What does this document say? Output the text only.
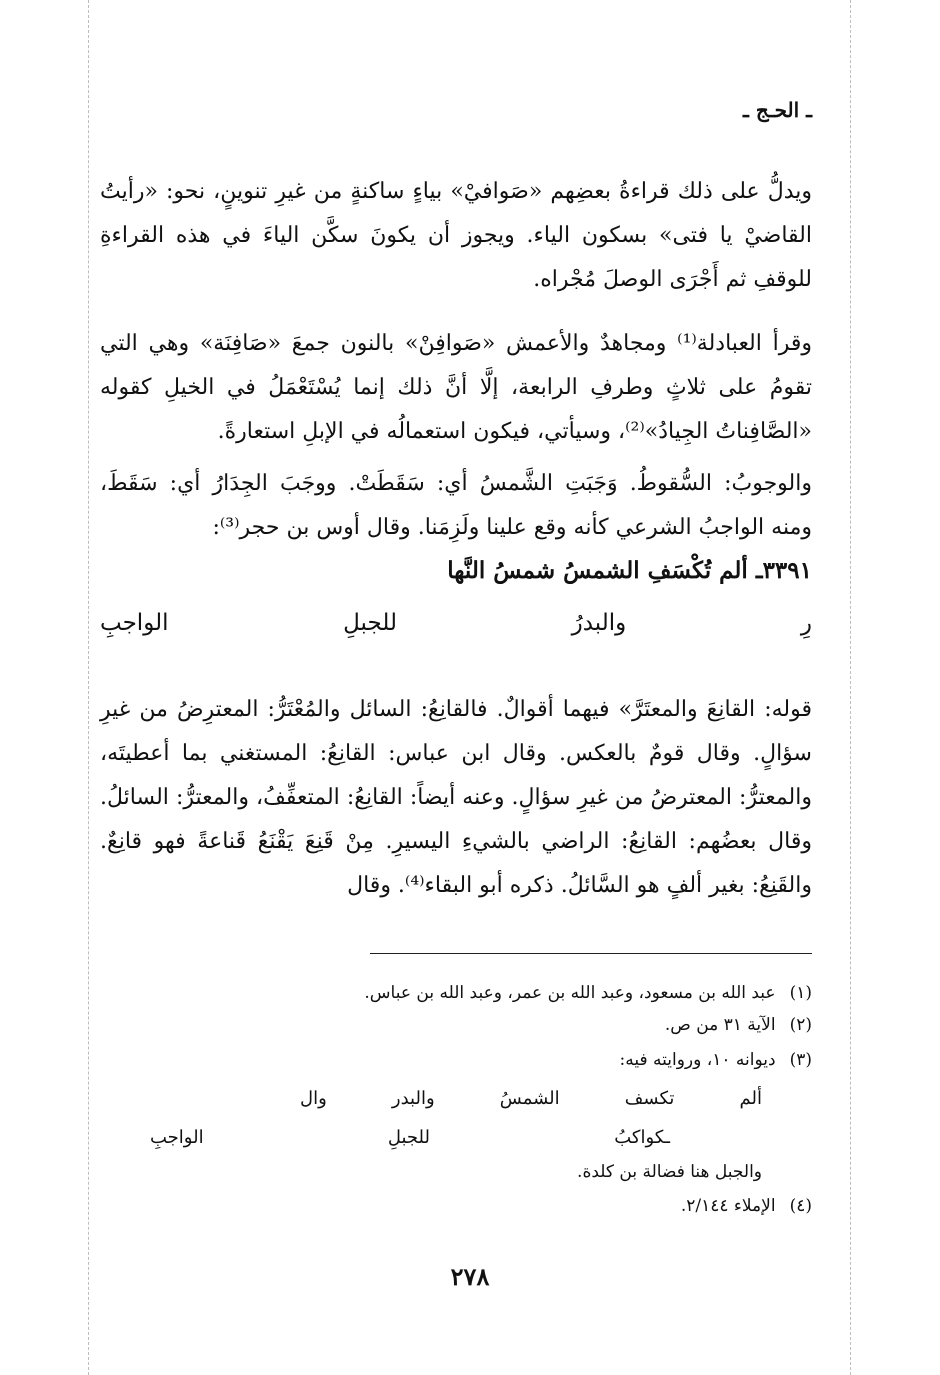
ـ الحـج ـ
ويدلُّ على ذلك قراءةُ بعضِهم «صَوافيْ» بياءٍ ساكنةٍ من غيرِ تنوينٍ، نحو: «رأيتُ القاضيْ يا فتى» بسكون الياء. ويجوز أن يكونَ سكَّن الياءَ في هذه القراءةِ للوقفِ ثم أَجْرَى الوصلَ مُجْراه.
وقرأ العبادلة⁽¹⁾ ومجاهدٌ والأعمش «صَوافِنْ» بالنون جمعَ «صَافِنَة» وهي التي تقومُ على ثلاثٍ وطرفِ الرابعة، إلَّا أنَّ ذلك إنما يُسْتَعْمَلُ في الخيلِ كقوله «الصَّافِناتُ الجِيادُ»⁽²⁾، وسيأتي، فيكون استعمالُه في الإبلِ استعارةً.
والوجوبُ: السُّقوطُ. وَجَبَتِ الشَّمسُ أي: سَقَطَتْ. ووجَبَ الجِدَارُ أي: سَقَطَ، ومنه الواجبُ الشرعي كأنه وقع علينا ولَزِمَنا. وقال أوس بن حجر⁽³⁾:
٣٣٩١ـ ألم تُكْسَفِ الشمسُ شمسُ النَّها
رِ والبدرُ للجبلِ الواجبِ
قوله: القانِعَ والمعتَرَّ» فيهما أقوالٌ. فالقانِعُ: السائل والمُعْتَرُّ: المعترِضُ من غيرِ سؤالٍ. وقال قومٌ بالعكس. وقال ابن عباس: القانِعُ: المستغني بما أعطيتَه، والمعترُّ: المعترضُ من غيرِ سؤالٍ. وعنه أيضاً: القانِعُ: المتعفِّفُ، والمعترُّ: السائلُ. وقال بعضُهم: القانِعُ: الراضي بالشيءِ اليسيرِ. مِنْ قَنِعَ يَقْنَعُ قَناعةً فهو قانِعٌ. والقَنِعُ: بغير ألفٍ هو السَّائلُ. ذكره أبو البقاء⁽⁴⁾. وقال
(١)عبد الله بن مسعود، وعبد الله بن عمر، وعبد الله بن عباس.
(٢)الآية ٣١ من ص.
(٣)ديوانه ١٠، وروايته فيه:
ألم تكسف الشمسُ والبدر وال
ـكواكبُ للجبلِ الواجبِ
والجبل هنا فضالة بن كلدة.
(٤)الإملاء ٢/١٤٤.
٢٧٨
